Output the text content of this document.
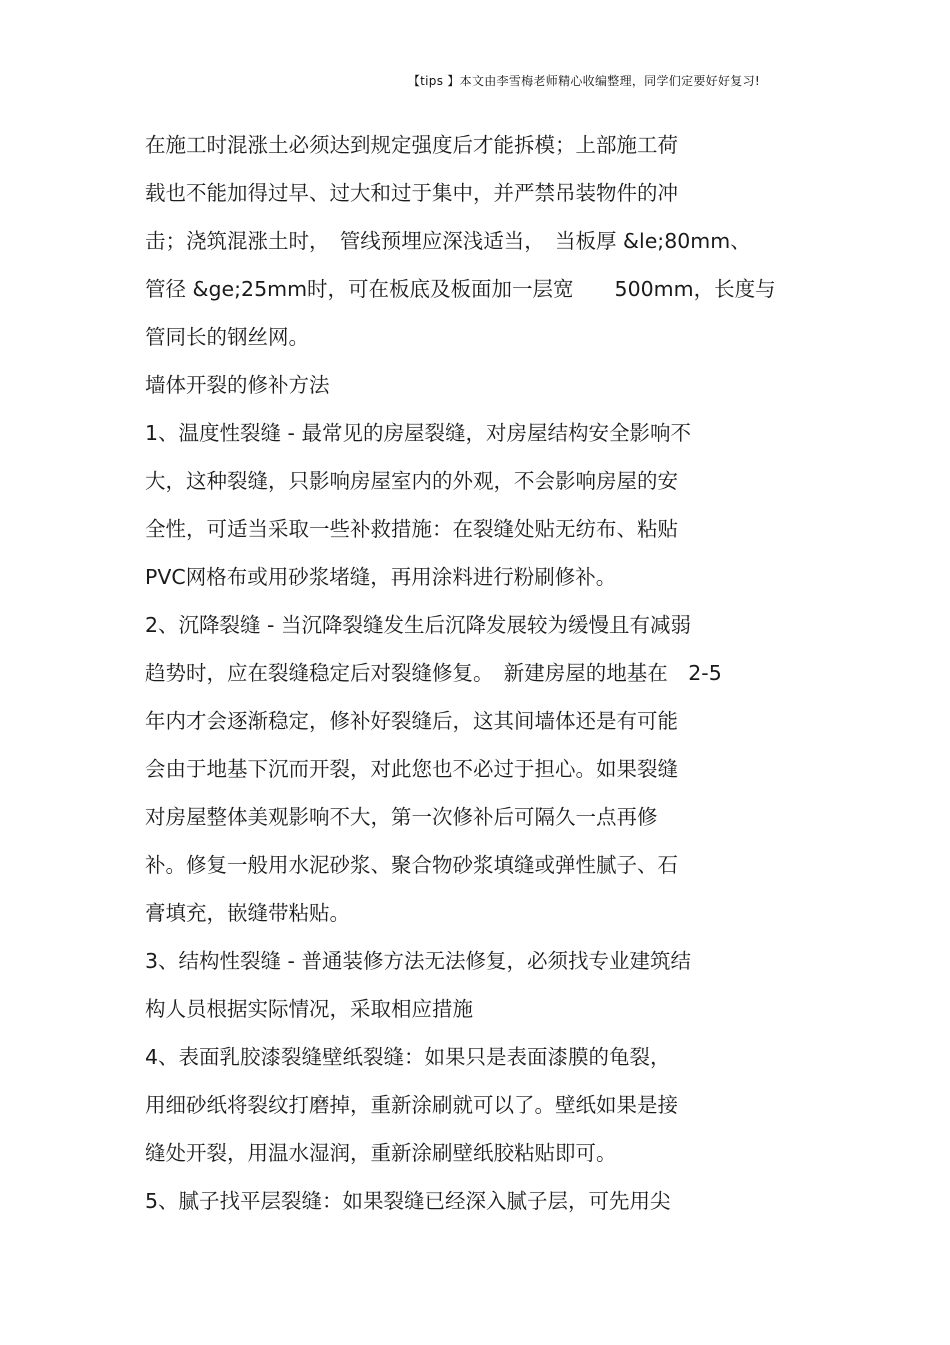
【tips 】本文由李雪梅老师精心收编整理，同学们定要好好复习!
在施工时混涨土必须达到规定强度后才能拆模；上部施工荷
载也不能加得过早、过大和过于集中，并严禁吊装物件的冲
击；浇筑混涨土时，　管线预埋应深浅适当，　当板厚 &le;80mm、
管径 &ge;25mm时，可在板底及板面加一层宽　　500mm，长度与
管同长的钢丝网。
墙体开裂的修补方法
1、温度性裂缝 - 最常见的房屋裂缝，对房屋结构安全影响不
大，这种裂缝，只影响房屋室内的外观，不会影响房屋的安
全性，可适当采取一些补救措施：在裂缝处贴无纺布、粘贴
PVC网格布或用砂浆堵缝，再用涂料进行粉刷修补。
2、沉降裂缝 - 当沉降裂缝发生后沉降发展较为缓慢且有减弱
趋势时，应在裂缝稳定后对裂缝修复。　新建房屋的地基在　2-5
年内才会逐渐稳定，修补好裂缝后，这其间墙体还是有可能
会由于地基下沉而开裂，对此您也不必过于担心。如果裂缝
对房屋整体美观影响不大，第一次修补后可隔久一点再修
补。修复一般用水泥砂浆、聚合物砂浆填缝或弹性腻子、石
膏填充，嵌缝带粘贴。
3、结构性裂缝 - 普通装修方法无法修复，必须找专业建筑结
构人员根据实际情况，采取相应措施
4、表面乳胶漆裂缝壁纸裂缝：如果只是表面漆膜的龟裂，
用细砂纸将裂纹打磨掉，重新涂刷就可以了。壁纸如果是接
缝处开裂，用温水湿润，重新涂刷壁纸胶粘贴即可。
5、腻子找平层裂缝：如果裂缝已经深入腻子层，可先用尖
